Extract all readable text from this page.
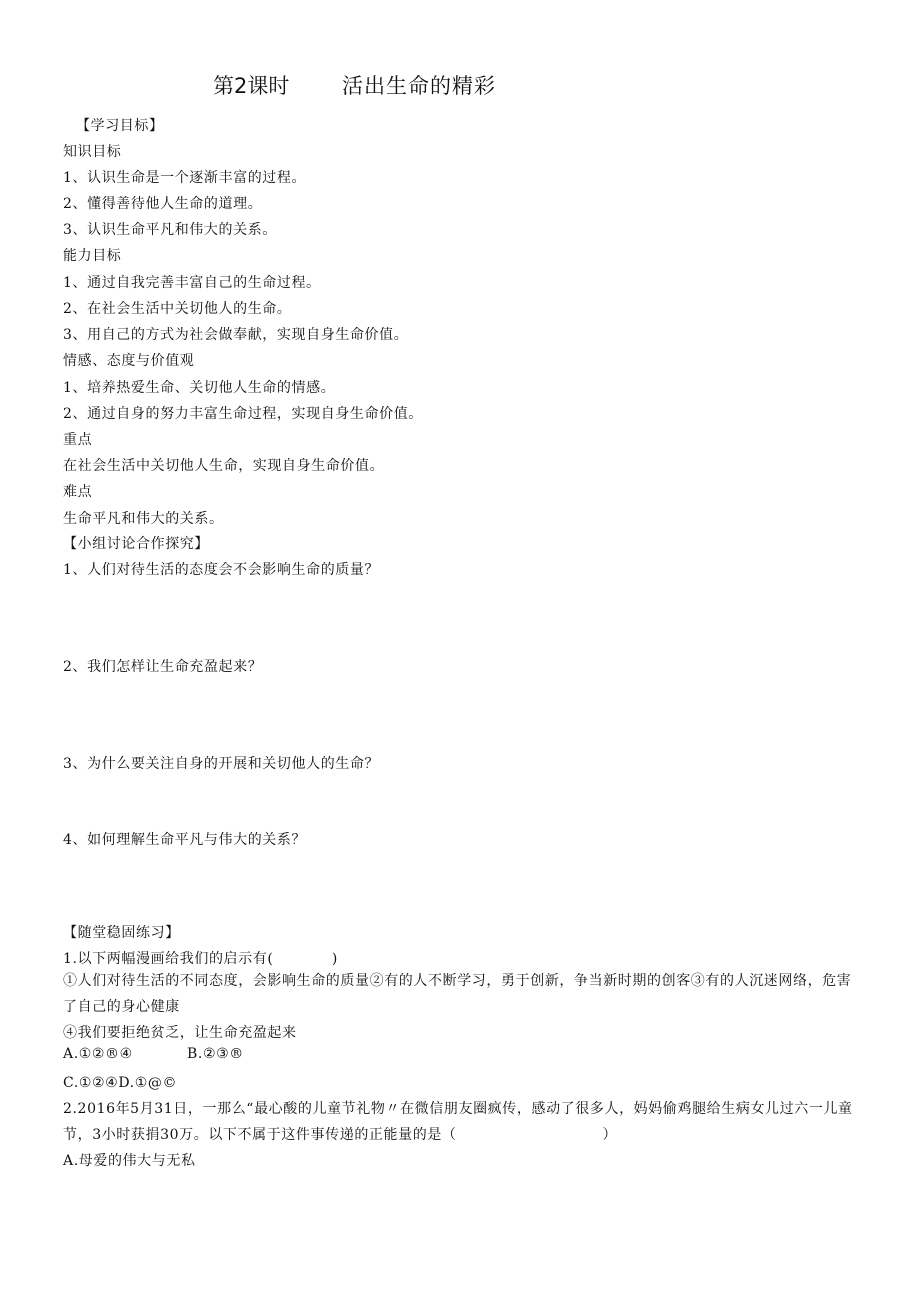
第2课时	活出生命的精彩
【学习目标】
知识目标
1、认识生命是一个逐渐丰富的过程。
2、懂得善待他人生命的道理。
3、认识生命平凡和伟大的关系。
能力目标
1、通过自我完善丰富自己的生命过程。
2、在社会生活中关切他人的生命。
3、用自己的方式为社会做奉献，实现自身生命价值。
情感、态度与价值观
1、培养热爱生命、关切他人生命的情感。
2、通过自身的努力丰富生命过程，实现自身生命价值。
重点
在社会生活中关切他人生命，实现自身生命价值。
难点
生命平凡和伟大的关系。
【小组讨论合作探究】
1、人们对待生活的态度会不会影响生命的质量？
2、我们怎样让生命充盈起来？
3、为什么要关注自身的开展和关切他人的生命？
4、如何理解生命平凡与伟大的关系？
【随堂稳固练习】
1.以下两幅漫画给我们的启示有(　　　　)
①人们对待生活的不同态度，会影响生命的质量②有的人不断学习，勇于创新，争当新时期的创客③有的人沉迷网络，危害了自己的身心健康
④我们要拒绝贫乏，让生命充盈起来
A.①②®④	B.②③®
C.①②④D.①@©
2.2016年5月31日，一那么“最心酸的儿童节礼物〃在微信朋友圈疯传，感动了很多人，妈妈偷鸡腿给生病女儿过六一儿童节，3小时获捐30万。以下不属于这件事传递的正能量的是（　　　　　　　　　　）
A.母爱的伟大与无私
